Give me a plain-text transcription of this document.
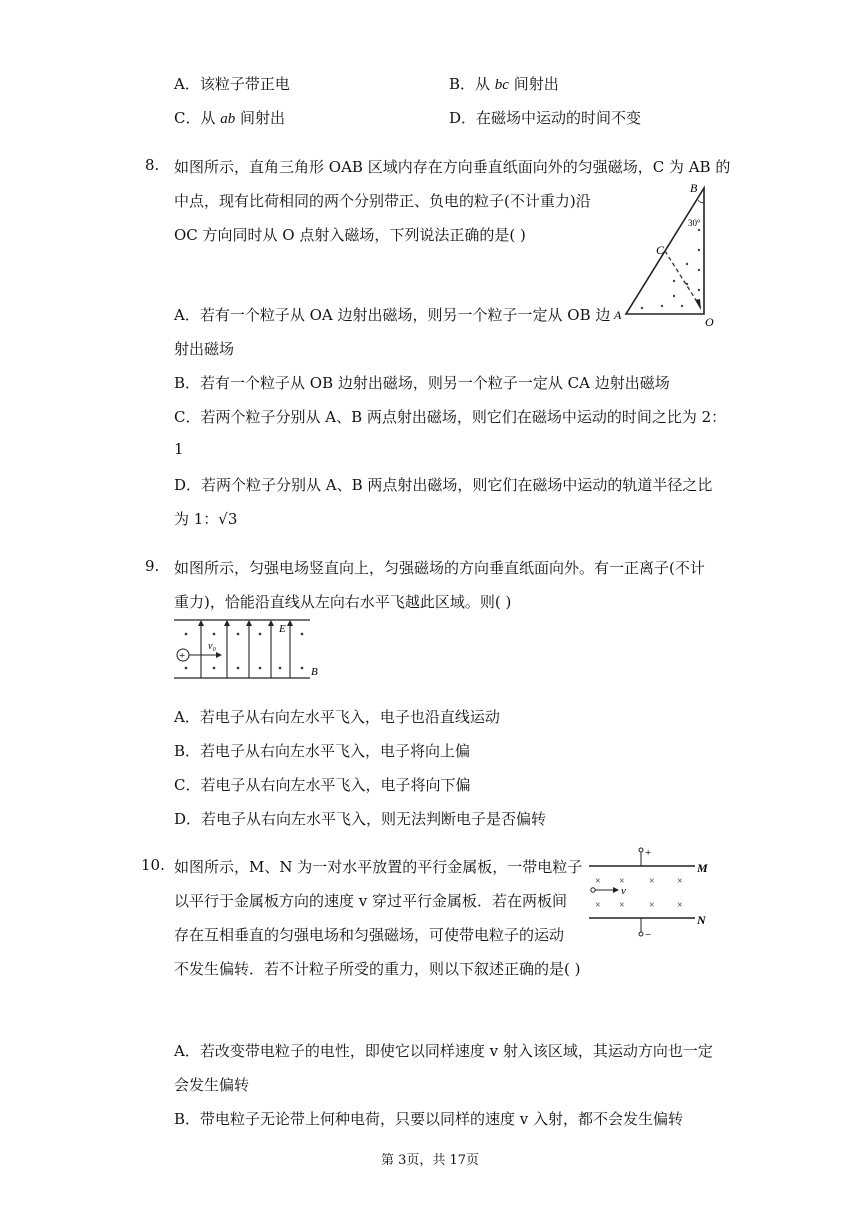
A．该粒子带正电	B．从 bc 间射出
C．从 ab 间射出	D．在磁场中运动的时间不变
8. 如图所示，直角三角形 OAB 区域内存在方向垂直纸面向外的匀强磁场，C 为 AB 的
中点，现有比荷相同的两个分别带正、负电的粒子(不计重力)沿
OC 方向同时从 O 点射入磁场，下列说法正确的是( )
B
30°
C
A	O
A．若有一个粒子从 OA 边射出磁场，则另一个粒子一定从 OB 边
射出磁场
B．若有一个粒子从 OB 边射出磁场，则另一个粒子一定从 CA 边射出磁场
C．若两个粒子分别从 A、B 两点射出磁场，则它们在磁场中运动的时间之比为 2：
1
D．若两个粒子分别从 A、B 两点射出磁场，则它们在磁场中运动的轨道半径之比
为 1：√3
9. 如图所示，匀强电场竖直向上，匀强磁场的方向垂直纸面向外。有一正离子(不计
重力)，恰能沿直线从左向右水平飞越此区域。则( )
+
v₀
E
B
A．若电子从右向左水平飞入，电子也沿直线运动
B．若电子从右向左水平飞入，电子将向上偏
C．若电子从右向左水平飞入，电子将向下偏
D．若电子从右向左水平飞入，则无法判断电子是否偏转
10. 如图所示，M、N 为一对水平放置的平行金属板，一带电粒子
以平行于金属板方向的速度 v 穿过平行金属板．若在两板间
存在互相垂直的匀强电场和匀强磁场，可使带电粒子的运动
不发生偏转．若不计粒子所受的重力，则以下叙述正确的是( )
+
−
× × × ×
× × × ×
v
M
N
A．若改变带电粒子的电性，即使它以同样速度 v 射入该区域，其运动方向也一定
会发生偏转
B．带电粒子无论带上何种电荷，只要以同样的速度 v 入射，都不会发生偏转
第 3页，共 17页
